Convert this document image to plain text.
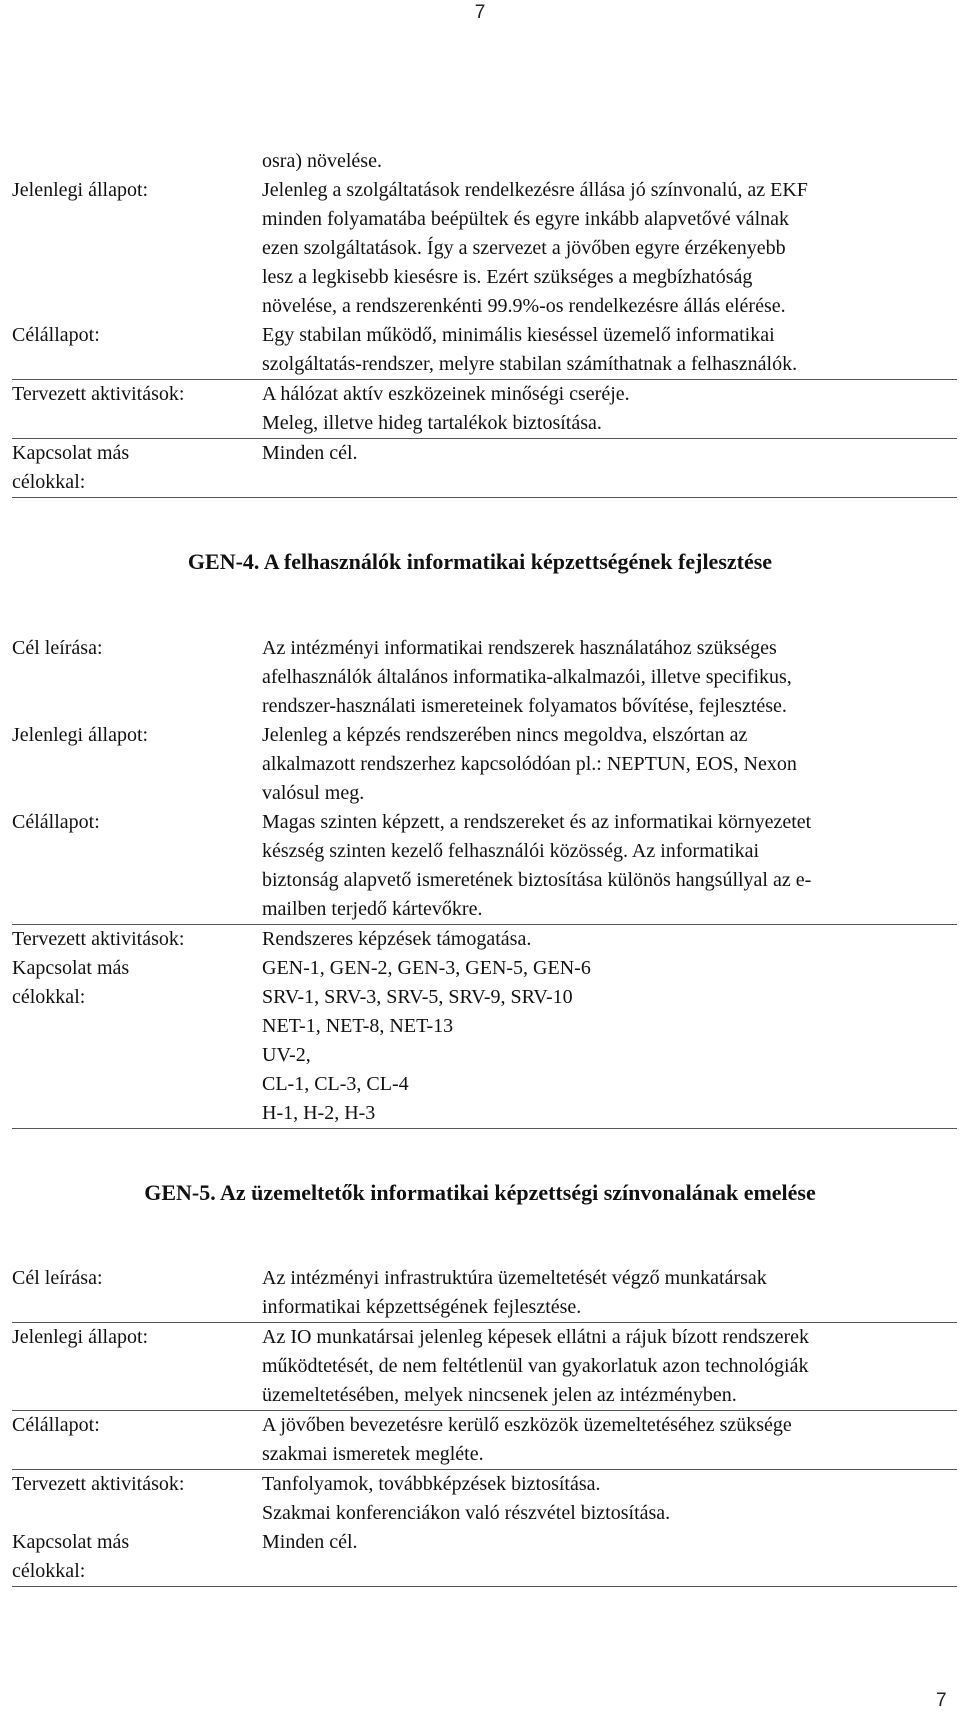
7
osra) növelése.
Jelenlegi állapot:	Jelenleg a szolgáltatások rendelkezésre állása jó színvonalú, az EKF
minden folyamatába beépültek és egyre inkább alapvetővé válnak
ezen szolgáltatások. Így a szervezet a jövőben egyre érzékenyebb
lesz a legkisebb kiesésre is. Ezért szükséges a megbízhatóság
növelése, a rendszerenkénti 99.9%-os rendelkezésre állás elérése.
Célállapot:	Egy stabilan működő, minimális kieséssel üzemelő informatikai
szolgáltatás-rendszer, melyre stabilan számíthatnak a felhasználók.
Tervezett aktivitások:	A hálózat aktív eszközeinek minőségi cseréje.
Meleg, illetve hideg tartalékok biztosítása.
Kapcsolat más célokkal:
Minden cél.
GEN-4. A felhasználók informatikai képzettségének fejlesztése
Cél leírása:	Az intézményi informatikai rendszerek használatához szükséges
afelhasználók általános informatika-alkalmazói, illetve specifikus,
rendszer-használati ismereteinek folyamatos bővítése, fejlesztése.
Jelenlegi állapot:	Jelenleg a képzés rendszerében nincs megoldva, elszórtan az
alkalmazott rendszerhez kapcsolódóan pl.: NEPTUN, EOS, Nexon
valósul meg.
Célállapot:	Magas szinten képzett, a rendszereket és az informatikai környezetet
készség szinten kezelő felhasználói közösség. Az informatikai
biztonság alapvető ismeretének biztosítása különös hangsúllyal az e-
mailben terjedő kártevőkre.
Tervezett aktivitások:	Rendszeres képzések támogatása.
Kapcsolat más célokkal:
GEN-1, GEN-2, GEN-3, GEN-5, GEN-6
SRV-1, SRV-3, SRV-5, SRV-9, SRV-10
NET-1, NET-8, NET-13
UV-2,
CL-1, CL-3, CL-4
H-1, H-2, H-3
GEN-5. Az üzemeltetők informatikai képzettségi színvonalának emelése
Cél leírása:	Az intézményi infrastruktúra üzemeltetését végző munkatársak
informatikai képzettségének fejlesztése.
Jelenlegi állapot:	Az IO munkatársai jelenleg képesek ellátni a rájuk bízott rendszerek
működtetését, de nem feltétlenül van gyakorlatuk azon technológiák
üzemeltetésében, melyek nincsenek jelen az intézményben.
Célállapot:	A jövőben bevezetésre kerülő eszközök üzemeltetéséhez szüksége
szakmai ismeretek megléte.
Tervezett aktivitások:	Tanfolyamok, továbbképzések biztosítása.
Szakmai konferenciákon való részvétel biztosítása.
Kapcsolat más célokkal:
Minden cél.
7
